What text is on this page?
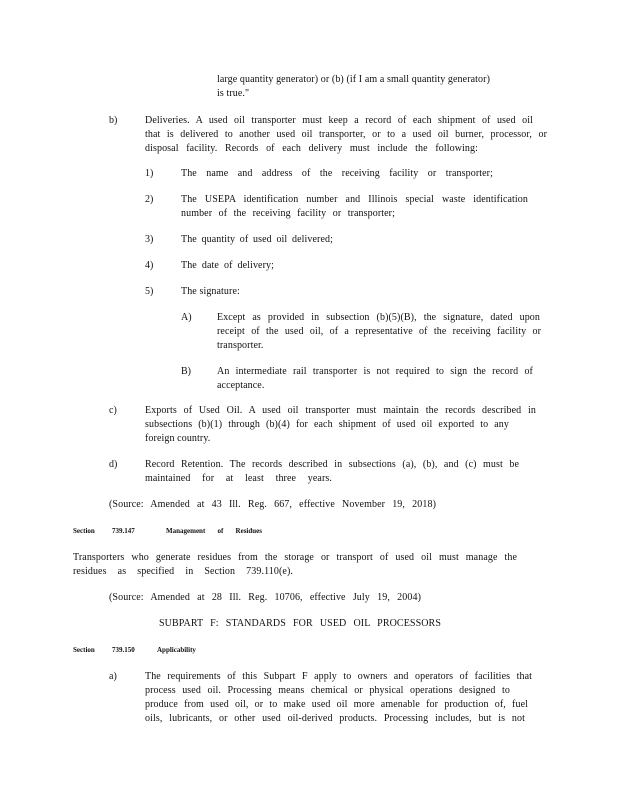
large quantity generator) or (b) (if I am a small quantity generator)
is true."
b)	Deliveries. A used oil transporter must keep a record of each shipment of used oil
that is delivered to another used oil transporter, or to a used oil burner, processor, or
disposal facility. Records of each delivery must include the following:
1)	The name and address of the receiving facility or transporter;
2)	The USEPA identification number and Illinois special waste identification
number of the receiving facility or transporter;
3)	The quantity of used oil delivered;
4)	The date of delivery;
5)	The signature:
A)	Except as provided in subsection (b)(5)(B), the signature, dated upon
receipt of the used oil, of a representative of the receiving facility or
transporter.
B)	An intermediate rail transporter is not required to sign the record of
acceptance.
c)	Exports of Used Oil. A used oil transporter must maintain the records described in
subsections (b)(1) through (b)(4) for each shipment of used oil exported to any
foreign country.
d)	Record Retention. The records described in subsections (a), (b), and (c) must be
maintained for at least three years.
(Source: Amended at 43 Ill. Reg. 667, effective November 19, 2018)
Section 739.147	Management of Residues
Transporters who generate residues from the storage or transport of used oil must manage the
residues as specified in Section 739.110(e).
(Source: Amended at 28 Ill. Reg. 10706, effective July 19, 2004)
SUBPART F: STANDARDS FOR USED OIL PROCESSORS
Section 739.150	Applicability
a)	The requirements of this Subpart F apply to owners and operators of facilities that
process used oil. Processing means chemical or physical operations designed to
produce from used oil, or to make used oil more amenable for production of, fuel
oils, lubricants, or other used oil-derived products. Processing includes, but is not
